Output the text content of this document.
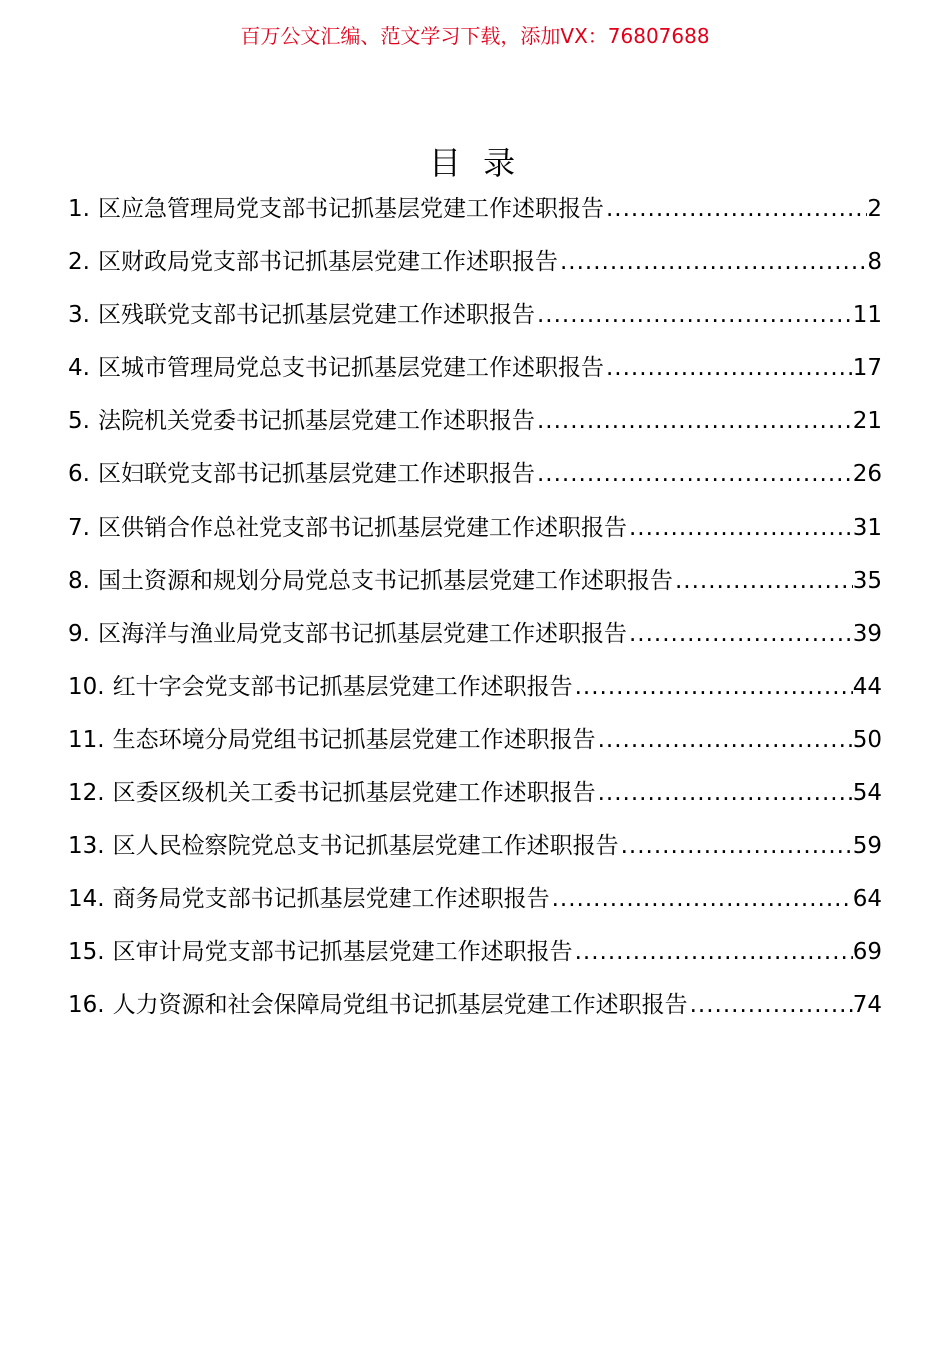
百万公文汇编、范文学习下载，添加VX：76807688
目 录
1. 区应急管理局党支部书记抓基层党建工作述职报告 .....	2
2. 区财政局党支部书记抓基层党建工作述职报告 .....	8
3. 区残联党支部书记抓基层党建工作述职报告 .....	11
4. 区城市管理局党总支书记抓基层党建工作述职报告 .....	17
5. 法院机关党委书记抓基层党建工作述职报告 .....	21
6. 区妇联党支部书记抓基层党建工作述职报告 .....	26
7. 区供销合作总社党支部书记抓基层党建工作述职报告 .....	31
8. 国土资源和规划分局党总支书记抓基层党建工作述职报告 .....	35
9. 区海洋与渔业局党支部书记抓基层党建工作述职报告 .....	39
10. 红十字会党支部书记抓基层党建工作述职报告 .....	44
11. 生态环境分局党组书记抓基层党建工作述职报告 .....	50
12. 区委区级机关工委书记抓基层党建工作述职报告 .....	54
13. 区人民检察院党总支书记抓基层党建工作述职报告 .....	59
14. 商务局党支部书记抓基层党建工作述职报告 .....	64
15. 区审计局党支部书记抓基层党建工作述职报告 .....	69
16. 人力资源和社会保障局党组书记抓基层党建工作述职报告 .....	74
